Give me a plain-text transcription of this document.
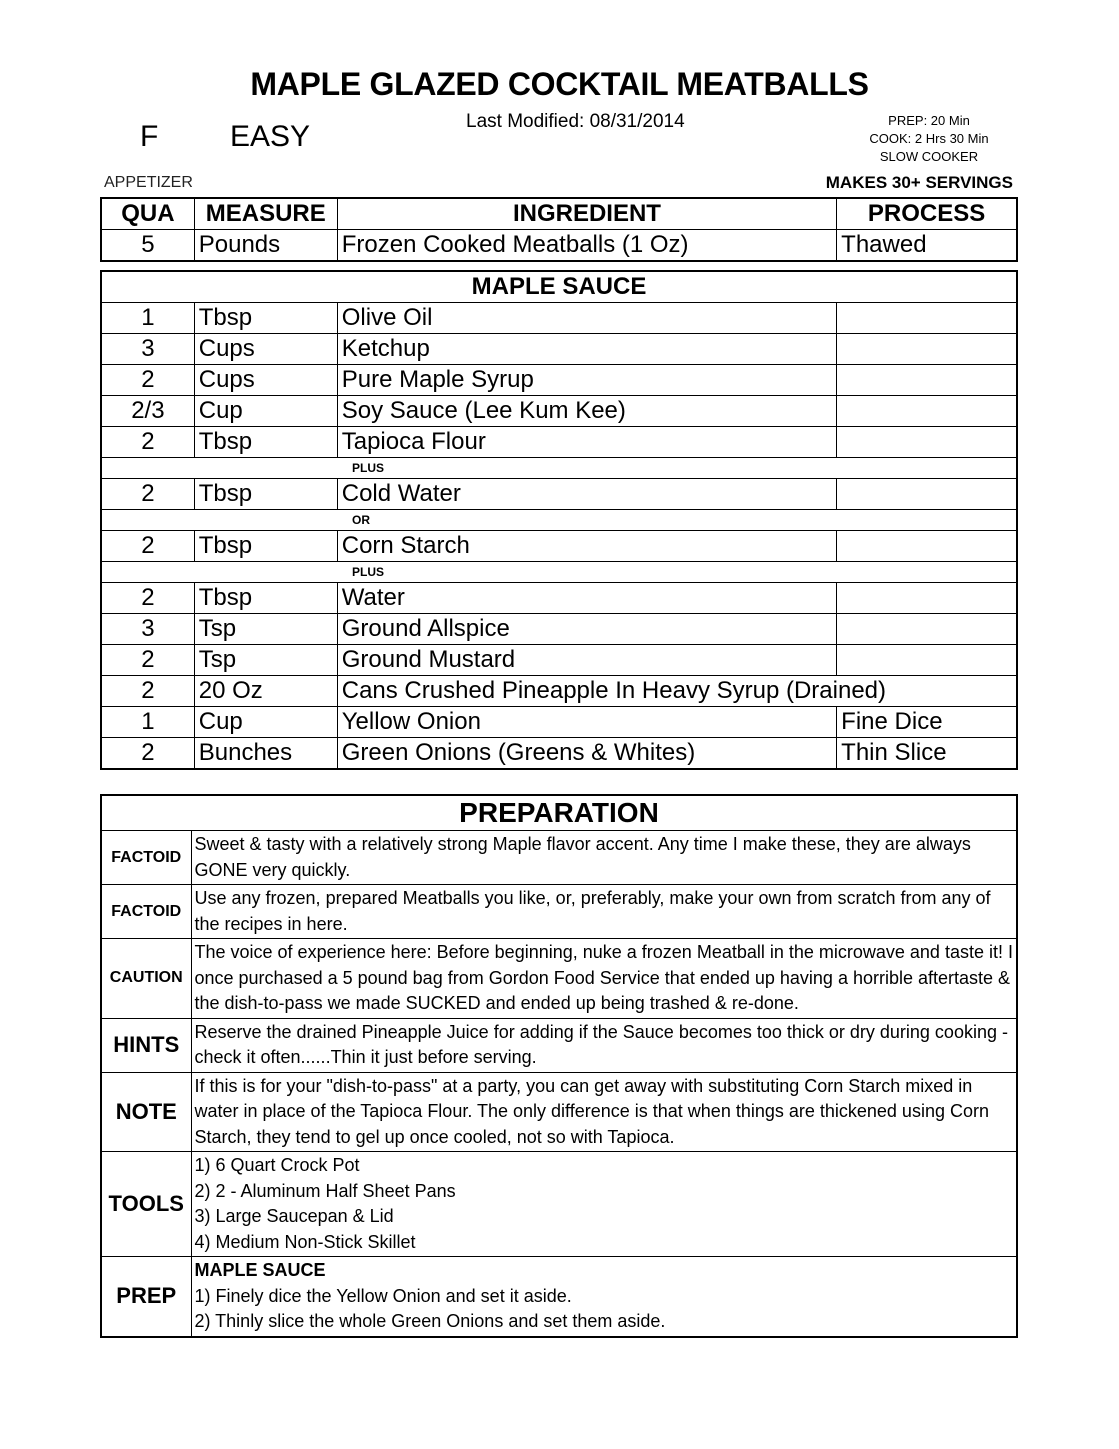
MAPLE GLAZED COCKTAIL MEATBALLS
F EASY	Last Modified: 08/31/2014	PREP: 20 Min
COOK: 2 Hrs 30 Min
SLOW COOKER
APPETIZER	MAKES 30+ SERVINGS
QUA	MEASURE	INGREDIENT	PROCESS
5	Pounds	Frozen Cooked Meatballs (1 Oz)	Thawed
MAPLE SAUCE			
1	Tbsp	Olive Oil	
3	Cups	Ketchup	
2	Cups	Pure Maple Syrup	
2/3	Cup	Soy Sauce (Lee Kum Kee)	
2	Tbsp	Tapioca Flour	
PLUS			
2	Tbsp	Cold Water	
OR			
2	Tbsp	Corn Starch	
PLUS			
2	Tbsp	Water	
3	Tsp	Ground Allspice	
2	Tsp	Ground Mustard	
2	20 Oz	Cans Crushed Pineapple In Heavy Syrup (Drained)	
1	Cup	Yellow Onion	Fine Dice
2	Bunches	Green Onions (Greens & Whites)	Thin Slice
PREPARATION	
FACTOID	Sweet & tasty with a relatively strong Maple flavor accent. Any time I make these, they are always GONE very quickly.

FACTOID	Use any frozen, prepared Meatballs you like, or, preferably, make your own from scratch from any of the recipes in here.

CAUTION	The voice of experience here: Before beginning, nuke a frozen Meatball in the microwave and taste it! I once purchased a 5 pound bag from Gordon Food Service that ended up having a horrible aftertaste & the dish-to-pass we made SUCKED and ended up being trashed & re-done.

HINTS	Reserve the drained Pineapple Juice for adding if the Sauce becomes too thick or dry during cooking - check it often......Thin it just before serving.

NOTE	If this is for your "dish-to-pass" at a party, you can get away with substituting Corn Starch mixed in water in place of the Tapioca Flour. The only difference is that when things are thickened using Corn Starch, they tend to gel up once cooled, not so with Tapioca.

TOOLS	1) 6 Quart Crock Pot
2) 2 - Aluminum Half Sheet Pans
3) Large Saucepan & Lid
4) Medium Non-Stick Skillet

PREP	MAPLE SAUCE
1) Finely dice the Yellow Onion and set it aside.
2) Thinly slice the whole Green Onions and set them aside.
